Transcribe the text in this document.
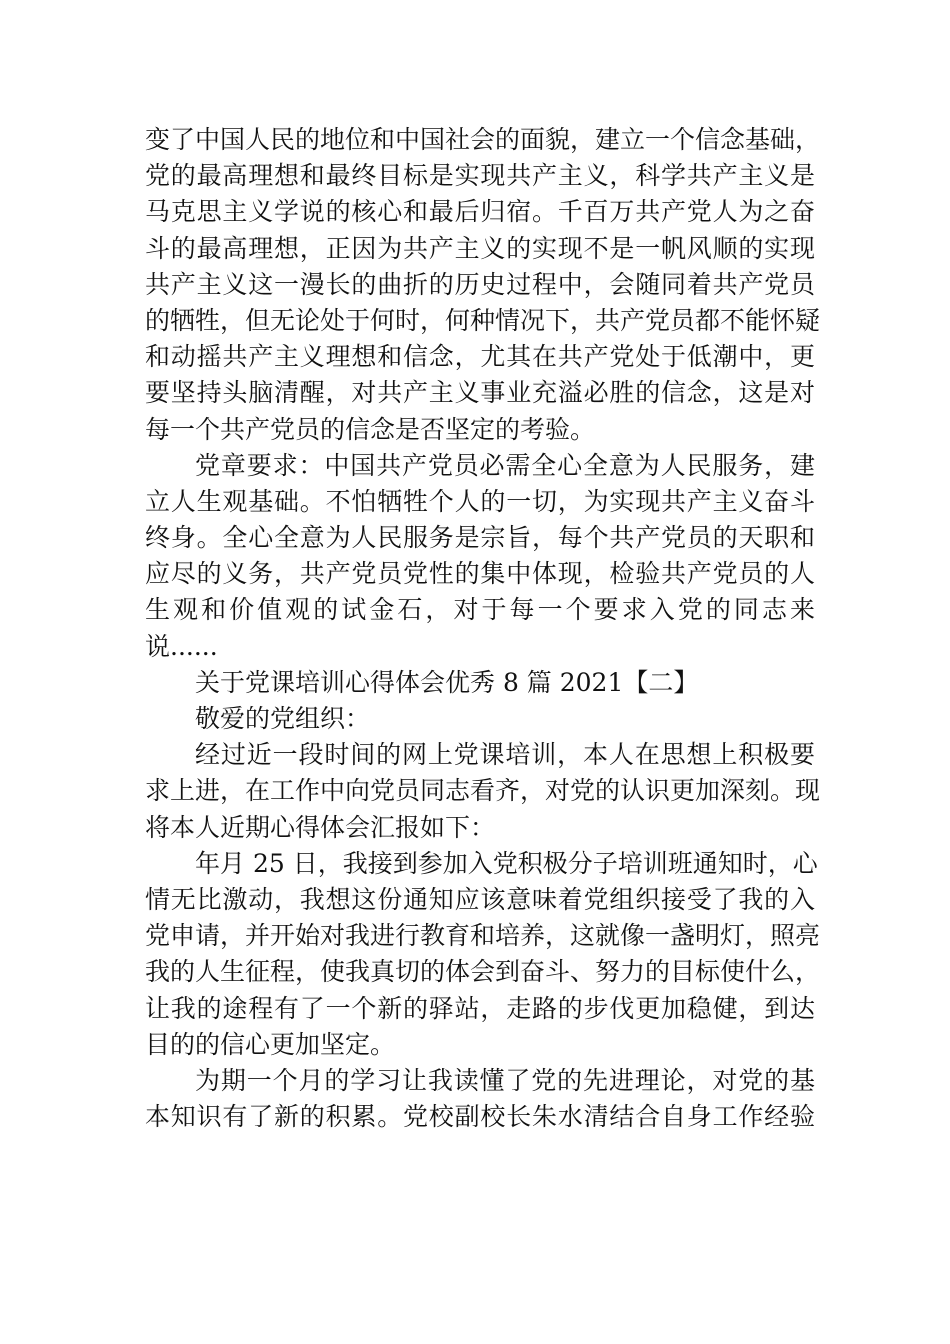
变了中国人民的地位和中国社会的面貌，建立一个信念基础，
党的最高理想和最终目标是实现共产主义，科学共产主义是
马克思主义学说的核心和最后归宿。千百万共产党人为之奋
斗的最高理想，正因为共产主义的实现不是一帆风顺的实现
共产主义这一漫长的曲折的历史过程中，会随同着共产党员
的牺牲，但无论处于何时，何种情况下，共产党员都不能怀疑
和动摇共产主义理想和信念，尤其在共产党处于低潮中，更
要坚持头脑清醒，对共产主义事业充溢必胜的信念，这是对
每一个共产党员的信念是否坚定的考验。
党章要求：中国共产党员必需全心全意为人民服务，建
立人生观基础。不怕牺牲个人的一切，为实现共产主义奋斗
终身。全心全意为人民服务是宗旨，每个共产党员的天职和
应尽的义务，共产党员党性的集中体现，检验共产党员的人
生观和价值观的试金石，对于每一个要求入党的同志来
说......
关于党课培训心得体会优秀 8 篇 2021【二】
敬爱的党组织：
经过近一段时间的网上党课培训，本人在思想上积极要
求上进，在工作中向党员同志看齐，对党的认识更加深刻。现
将本人近期心得体会汇报如下：
年月 25 日，我接到参加入党积极分子培训班通知时，心
情无比激动，我想这份通知应该意味着党组织接受了我的入
党申请，并开始对我进行教育和培养，这就像一盏明灯，照亮
我的人生征程，使我真切的体会到奋斗、努力的目标使什么，
让我的途程有了一个新的驿站，走路的步伐更加稳健，到达
目的的信心更加坚定。
为期一个月的学习让我读懂了党的先进理论，对党的基
本知识有了新的积累。党校副校长朱水清结合自身工作经验
